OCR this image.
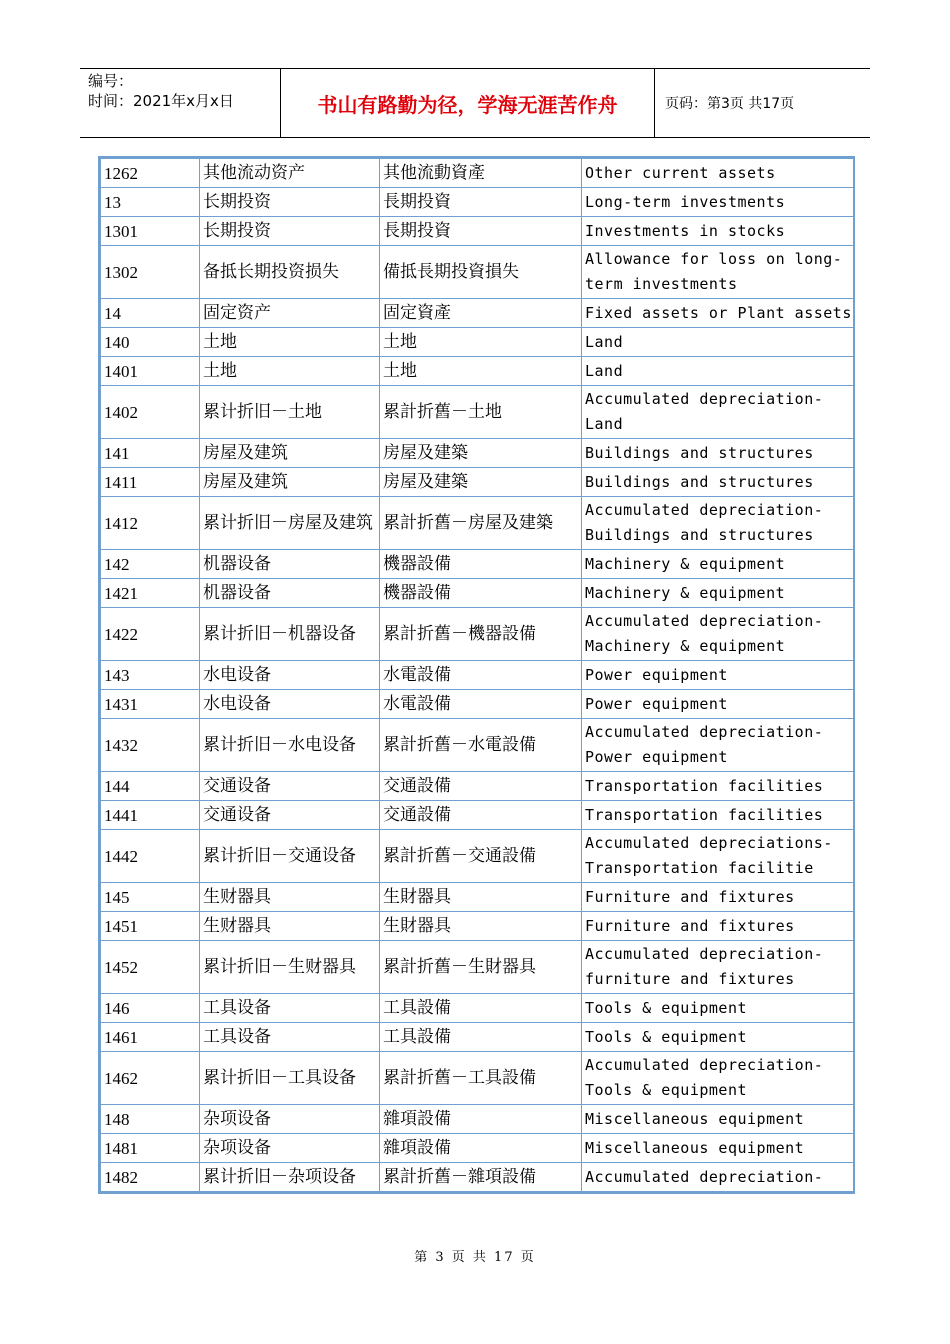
编号：
时间：2021年x月x日	书山有路勤为径，学海无涯苦作舟	页码：第3页 共17页
1262	其他流动资产	其他流動資產	Other current assets
13	长期投资	長期投資	Long-term investments
1301	长期投资	長期投資	Investments in stocks
1302	备抵长期投资损失	備抵長期投資損失	Allowance for loss on long-term investments
14	固定资产	固定資產	Fixed assets or Plant assets
140	土地	土地	Land
1401	土地	土地	Land
1402	累计折旧－土地	累計折舊－土地	Accumulated depreciation-Land
141	房屋及建筑	房屋及建築	Buildings and structures
1411	房屋及建筑	房屋及建築	Buildings and structures
1412	累计折旧－房屋及建筑	累計折舊－房屋及建築	Accumulated depreciation-Buildings and structures
142	机器设备	機器設備	Machinery & equipment
1421	机器设备	機器設備	Machinery & equipment
1422	累计折旧－机器设备	累計折舊－機器設備	Accumulated depreciation-Machinery & equipment
143	水电设备	水電設備	Power equipment
1431	水电设备	水電設備	Power equipment
1432	累计折旧－水电设备	累計折舊－水電設備	Accumulated depreciation-Power equipment
144	交通设备	交通設備	Transportation facilities
1441	交通设备	交通設備	Transportation facilities
1442	累计折旧－交通设备	累計折舊－交通設備	Accumulated depreciations-Transportation facilitie
145	生财器具	生財器具	Furniture and fixtures
1451	生财器具	生財器具	Furniture and fixtures
1452	累计折旧－生财器具	累計折舊－生財器具	Accumulated depreciation-furniture and fixtures
146	工具设备	工具設備	Tools & equipment
1461	工具设备	工具設備	Tools & equipment
1462	累计折旧－工具设备	累計折舊－工具設備	Accumulated depreciation-Tools & equipment
148	杂项设备	雜項設備	Miscellaneous equipment
1481	杂项设备	雜項設備	Miscellaneous equipment
1482	累计折旧－杂项设备	累計折舊－雜項設備	Accumulated depreciation-
第 3 页 共 17 页
